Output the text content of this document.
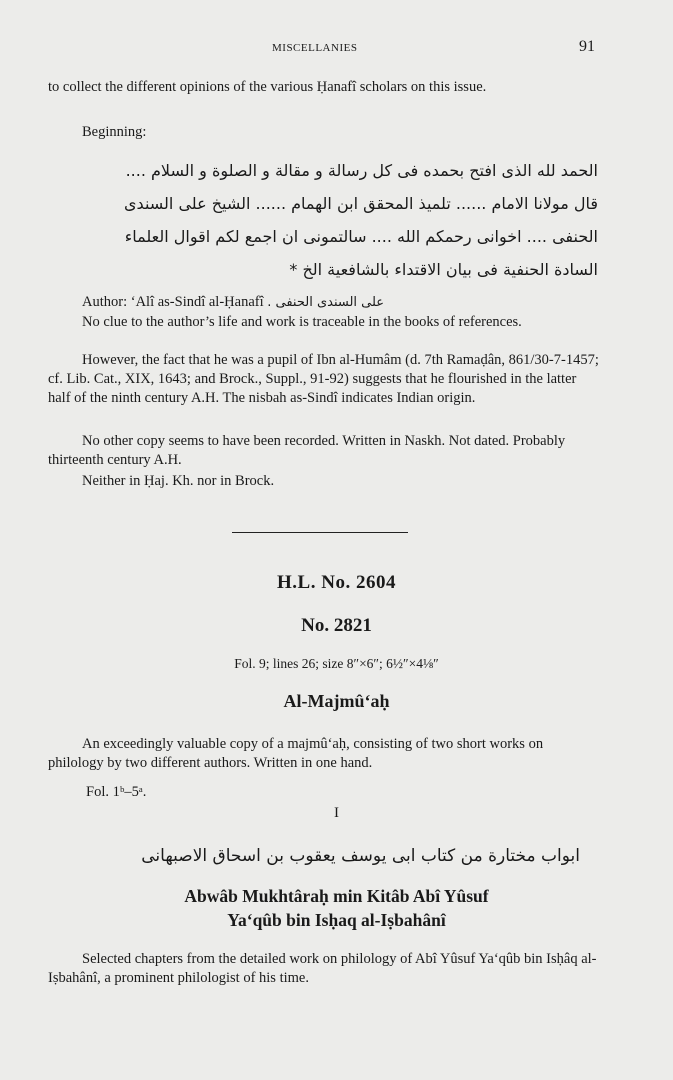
MISCELLANIES	91

to collect the different opinions of the various Ḥanafî scholars on this issue.

Beginning:

الحمد لله الذى افتح بحمده فى كل رسالة و مقالة و الصلوة و السلام ....

قال مولانا الامام ...... تلميذ المحقق ابن الهمام ...... الشيخ على السندى

الحنفى .... اخوانى رحمكم الله .... سالتمونى ان اجمع لكم اقوال العلماء

السادة الحنفية فى بيان الاقتداء بالشافعية الخ *

Author: ʻAlî as-Sindî al-Ḥanafî على السندى الحنفى .

No clue to the author’s life and work is traceable in the books of references.

However, the fact that he was a pupil of Ibn al-Humâm (d. 7th Ramaḍân, 861/30-7-1457; cf. Lib. Cat., XIX, 1643; and Brock., Suppl., 91-92) suggests that he flourished in the latter half of the ninth century A.H. The nisbah as-Sindî indicates Indian origin.

No other copy seems to have been recorded. Written in Naskh. Not dated. Probably thirteenth century A.H.

Neither in Ḥaj. Kh. nor in Brock.

H.L. No. 2604

No. 2821

Fol. 9; lines 26; size 8″×6″; 6½″×4⅛″

Al-Majmû‘aḥ

An exceedingly valuable copy of a majmû‘aḥ, consisting of two short works on philology by two different authors. Written in one hand.

Fol. 1ᵇ–5ᵃ.

I

ابواب مختارة من كتاب ابى يوسف يعقوب بن اسحاق الاصبهانى

Abwâb Mukhtâraḥ min Kitâb Abî Yûsuf

Ya‘qûb bin Isḥaq al-Iṣbahânî

Selected chapters from the detailed work on philology of Abî Yûsuf Ya‘qûb bin Isḥâq al-Iṣbahânî, a prominent philologist of his time.
